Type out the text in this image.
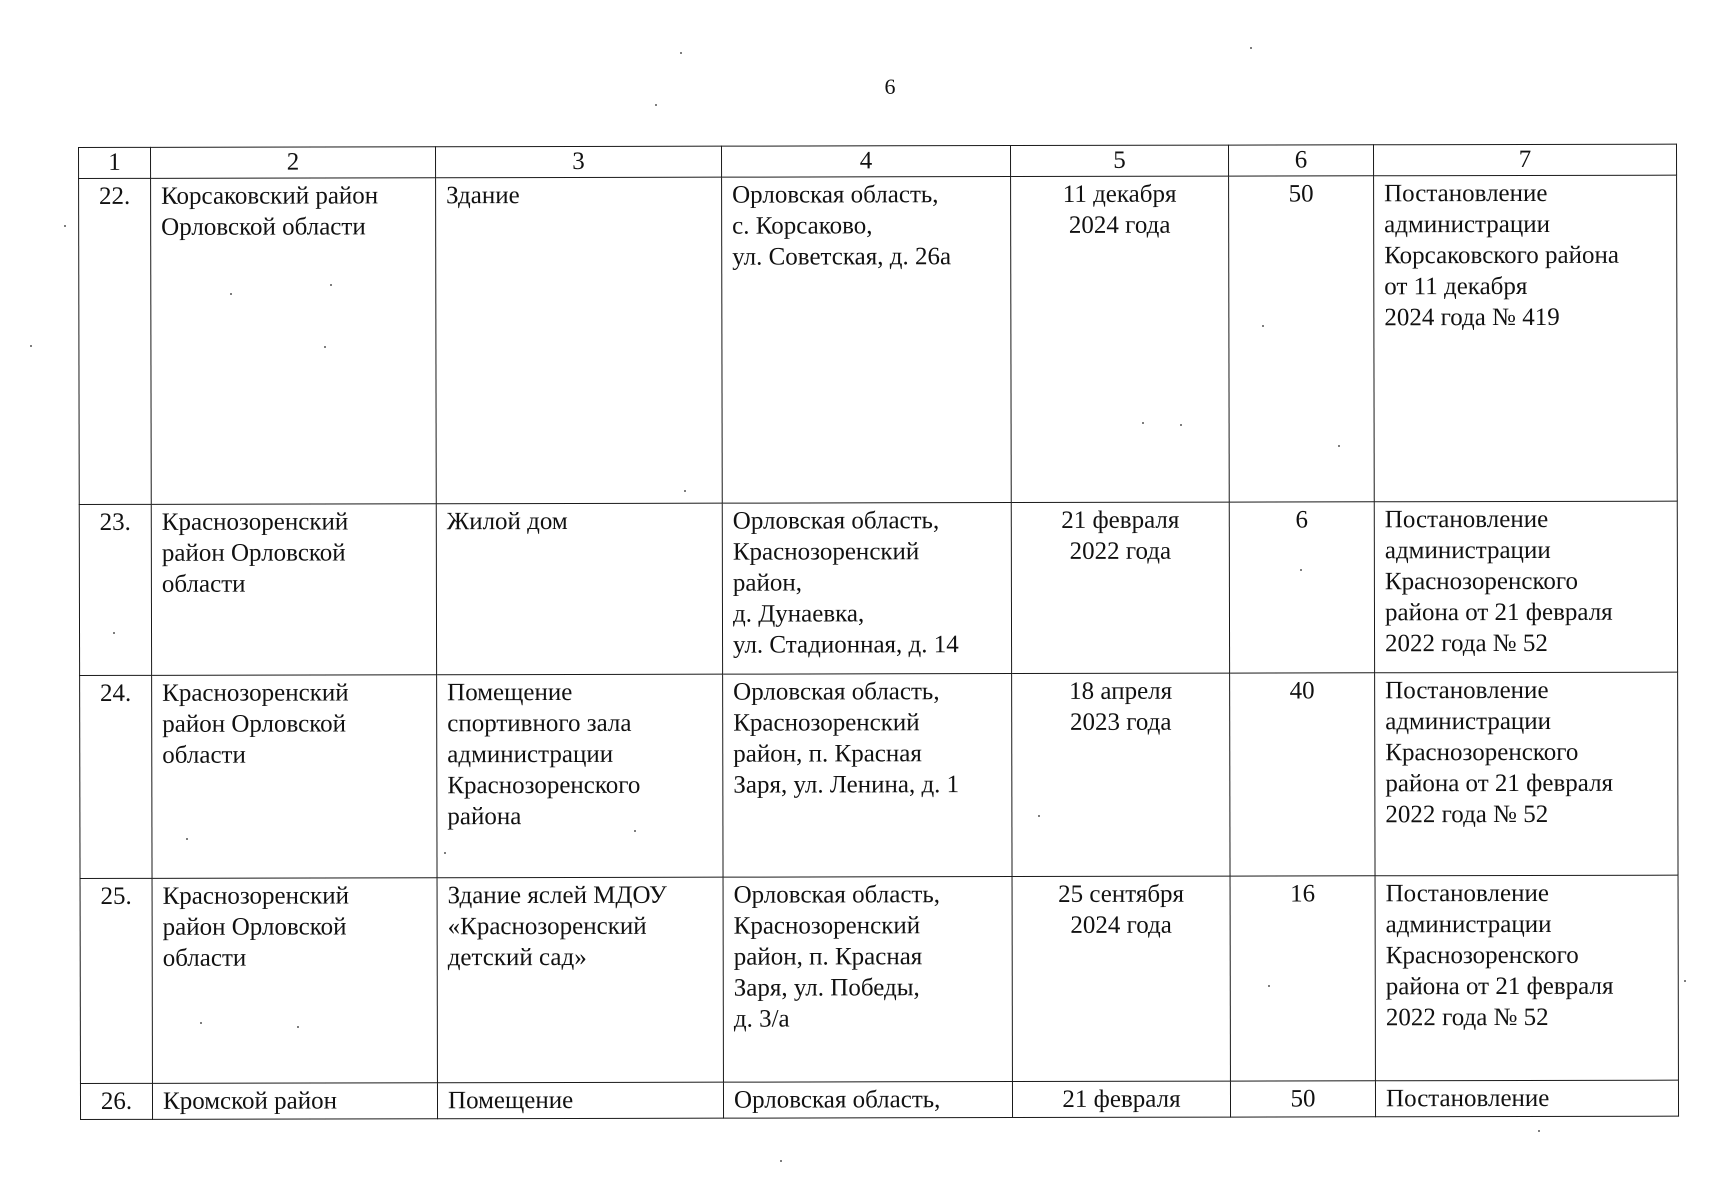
6
1	2	3	4	5	6	7
22.	Корсаковский район
Орловской области	Здание	Орловская область,
с. Корсаково,
ул. Советская, д. 26а	11 декабря
2024 года	50	Постановление
администрации
Корсаковского района
от 11 декабря
2024 года № 419
23.	Краснозоренский
район Орловской
области	Жилой дом	Орловская область,
Краснозоренский
район,
д. Дунаевка,
ул. Стадионная, д. 14	21 февраля
2022 года	6	Постановление
администрации
Краснозоренского
района от 21 февраля
2022 года № 52
24.	Краснозоренский
район Орловской
области	Помещение
спортивного зала
администрации
Краснозоренского
района	Орловская область,
Краснозоренский
район, п. Красная
Заря, ул. Ленина, д. 1	18 апреля
2023 года	40	Постановление
администрации
Краснозоренского
района от 21 февраля
2022 года № 52
25.	Краснозоренский
район Орловской
области	Здание яслей МДОУ
«Краснозоренский
детский сад»	Орловская область,
Краснозоренский
район, п. Красная
Заря, ул. Победы,
д. 3/а	25 сентября
2024 года	16	Постановление
администрации
Краснозоренского
района от 21 февраля
2022 года № 52
26.	Кромской район	Помещение	Орловская область,	21 февраля	50	Постановление
